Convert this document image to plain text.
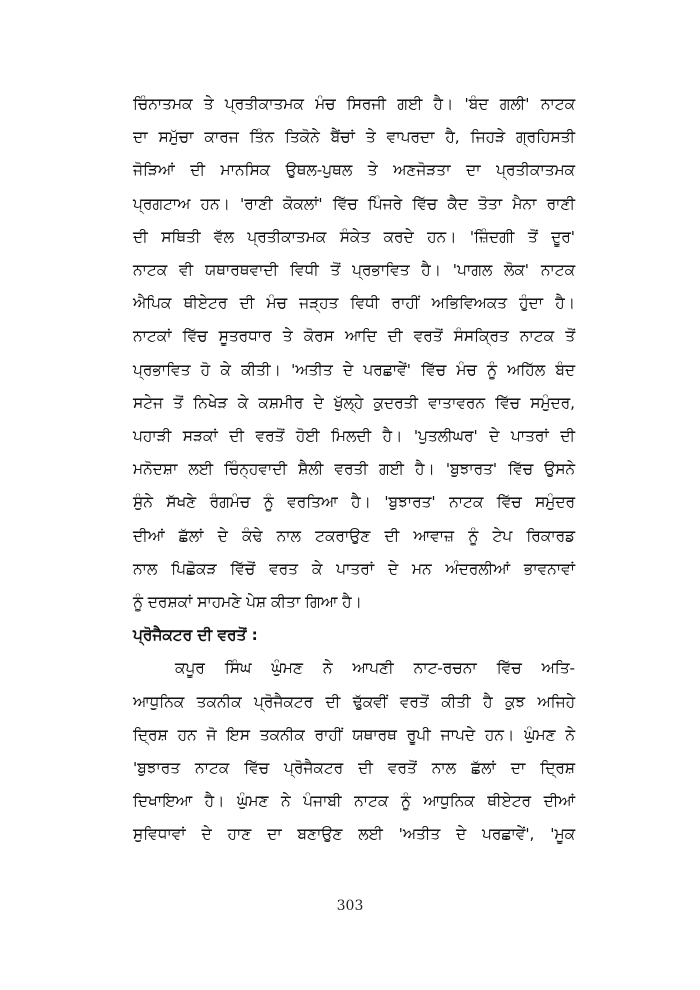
ਚਿੰਨਾਤਮਕ ਤੇ ਪ੍ਰਤੀਕਾਤਮਕ ਮੰਚ ਸਿਰਜੀ ਗਈ ਹੈ। 'ਬੰਦ ਗਲੀ' ਨਾਟਕ
ਦਾ ਸਮੁੱਚਾ ਕਾਰਜ ਤਿੰਨ ਤਿਕੋਨੇ ਬੈਂਚਾਂ ਤੇ ਵਾਪਰਦਾ ਹੈ, ਜਿਹੜੇ ਗ੍ਰਹਿਸਤੀ
ਜੋੜਿਆਂ ਦੀ ਮਾਨਸਿਕ ਉਥਲ-ਪੁਥਲ ਤੇ ਅਣਜੋੜਤਾ ਦਾ ਪ੍ਰਤੀਕਾਤਮਕ
ਪ੍ਰਗਟਾਅ ਹਨ। 'ਰਾਣੀ ਕੋਕਲਾਂ' ਵਿੱਚ ਪਿੰਜਰੇ ਵਿੱਚ ਕੈਦ ਤੋਤਾ ਮੈਨਾ ਰਾਣੀ
ਦੀ ਸਥਿਤੀ ਵੱਲ ਪ੍ਰਤੀਕਾਤਮਕ ਸੰਕੇਤ ਕਰਦੇ ਹਨ। 'ਜ਼ਿੰਦਗੀ ਤੋਂ ਦੂਰ'
ਨਾਟਕ ਵੀ ਯਥਾਰਥਵਾਦੀ ਵਿਧੀ ਤੋਂ ਪ੍ਰਭਾਵਿਤ ਹੈ। 'ਪਾਗਲ ਲੋਕ' ਨਾਟਕ
ਐਪਿਕ ਥੀਏਟਰ ਦੀ ਮੰਚ ਜੜ੍ਹਤ ਵਿਧੀ ਰਾਹੀਂ ਅਭਿਵਿਅਕਤ ਹੁੰਦਾ ਹੈ।
ਨਾਟਕਾਂ ਵਿੱਚ ਸੂਤਰਧਾਰ ਤੇ ਕੋਰਸ ਆਦਿ ਦੀ ਵਰਤੋਂ ਸੰਸਕ੍ਰਿਤ ਨਾਟਕ ਤੋਂ
ਪ੍ਰਭਾਵਿਤ ਹੋ ਕੇ ਕੀਤੀ। 'ਅਤੀਤ ਦੇ ਪਰਛਾਵੇਂ' ਵਿੱਚ ਮੰਚ ਨੂੰ ਅਹਿੱਲ ਬੰਦ
ਸਟੇਜ ਤੋਂ ਨਿਖੇੜ ਕੇ ਕਸ਼ਮੀਰ ਦੇ ਖੁੱਲ੍ਹੇ ਕੁਦਰਤੀ ਵਾਤਾਵਰਨ ਵਿੱਚ ਸਮੁੰਦਰ,
ਪਹਾੜੀ ਸੜਕਾਂ ਦੀ ਵਰਤੋਂ ਹੋਈ ਮਿਲਦੀ ਹੈ। 'ਪੁਤਲੀਘਰ' ਦੇ ਪਾਤਰਾਂ ਦੀ
ਮਨੋਦਸ਼ਾ ਲਈ ਚਿੰਨ੍ਹਵਾਦੀ ਸ਼ੈਲੀ ਵਰਤੀ ਗਈ ਹੈ। 'ਬੁਝਾਰਤ' ਵਿੱਚ ਉਸਨੇ
ਸੁੰਨੇ ਸੱਖਣੇ ਰੰਗਮੰਚ ਨੂੰ ਵਰਤਿਆ ਹੈ। 'ਬੁਝਾਰਤ' ਨਾਟਕ ਵਿੱਚ ਸਮੁੰਦਰ
ਦੀਆਂ ਛੱਲਾਂ ਦੇ ਕੰਢੇ ਨਾਲ ਟਕਰਾਉਣ ਦੀ ਆਵਾਜ਼ ਨੂੰ ਟੇਪ ਰਿਕਾਰਡ
ਨਾਲ ਪਿਛੋਕੜ ਵਿੱਚੋਂ ਵਰਤ ਕੇ ਪਾਤਰਾਂ ਦੇ ਮਨ ਅੰਦਰਲੀਆਂ ਭਾਵਨਾਵਾਂ
ਨੂੰ ਦਰਸ਼ਕਾਂ ਸਾਹਮਣੇ ਪੇਸ਼ ਕੀਤਾ ਗਿਆ ਹੈ।
ਪ੍ਰੋਜੈਕਟਰ ਦੀ ਵਰਤੋਂ :
ਕਪੂਰ ਸਿੰਘ ਘੁੰਮਣ ਨੇ ਆਪਣੀ ਨਾਟ-ਰਚਨਾ ਵਿੱਚ ਅਤਿ-
ਆਧੁਨਿਕ ਤਕਨੀਕ ਪ੍ਰੋਜੈਕਟਰ ਦੀ ਢੁੱਕਵੀਂ ਵਰਤੋਂ ਕੀਤੀ ਹੈ ਕੁਝ ਅਜਿਹੇ
ਦ੍ਰਿਸ਼ ਹਨ ਜੋ ਇਸ ਤਕਨੀਕ ਰਾਹੀਂ ਯਥਾਰਥ ਰੂਪੀ ਜਾਪਦੇ ਹਨ। ਘੁੰਮਣ ਨੇ
'ਬੁਝਾਰਤ ਨਾਟਕ ਵਿੱਚ ਪ੍ਰੋਜੈਕਟਰ ਦੀ ਵਰਤੋਂ ਨਾਲ ਛੱਲਾਂ ਦਾ ਦ੍ਰਿਸ਼
ਦਿਖਾਇਆ ਹੈ। ਘੁੰਮਣ ਨੇ ਪੰਜਾਬੀ ਨਾਟਕ ਨੂੰ ਆਧੁਨਿਕ ਥੀਏਟਰ ਦੀਆਂ
ਸੁਵਿਧਾਵਾਂ ਦੇ ਹਾਣ ਦਾ ਬਣਾਉਣ ਲਈ 'ਅਤੀਤ ਦੇ ਪਰਛਾਵੇਂ', 'ਮੂਕ
303
